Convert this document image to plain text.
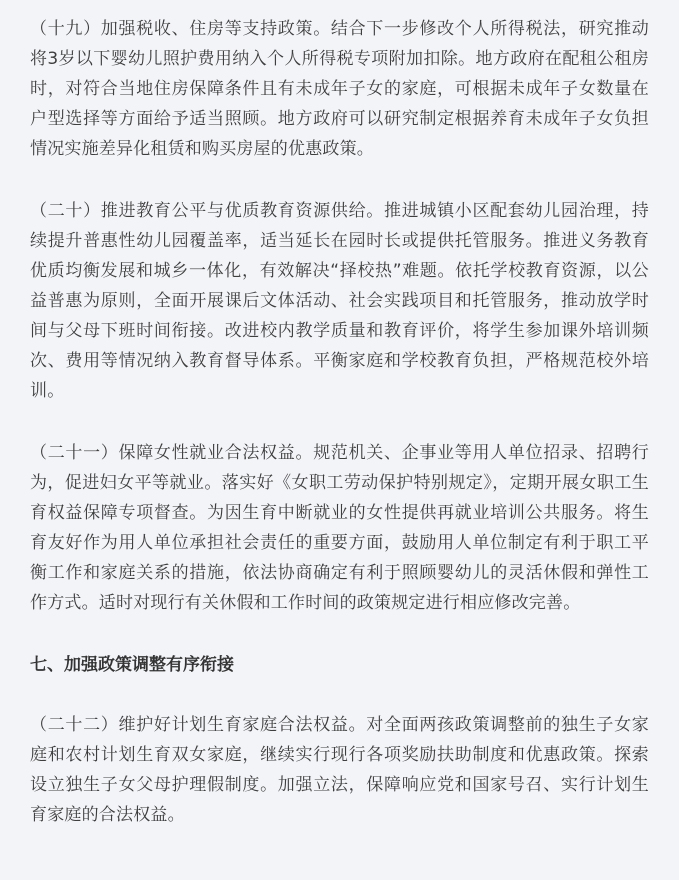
（十九）加强税收、住房等支持政策。结合下一步修改个人所得税法，研究推动将3岁以下婴幼儿照护费用纳入个人所得税专项附加扣除。地方政府在配租公租房时，对符合当地住房保障条件且有未成年子女的家庭，可根据未成年子女数量在户型选择等方面给予适当照顾。地方政府可以研究制定根据养育未成年子女负担情况实施差异化租赁和购买房屋的优惠政策。

（二十）推进教育公平与优质教育资源供给。推进城镇小区配套幼儿园治理，持续提升普惠性幼儿园覆盖率，适当延长在园时长或提供托管服务。推进义务教育优质均衡发展和城乡一体化，有效解决“择校热”难题。依托学校教育资源，以公益普惠为原则，全面开展课后文体活动、社会实践项目和托管服务，推动放学时间与父母下班时间衔接。改进校内教学质量和教育评价，将学生参加课外培训频次、费用等情况纳入教育督导体系。平衡家庭和学校教育负担，严格规范校外培训。

（二十一）保障女性就业合法权益。规范机关、企事业等用人单位招录、招聘行为，促进妇女平等就业。落实好《女职工劳动保护特别规定》，定期开展女职工生育权益保障专项督查。为因生育中断就业的女性提供再就业培训公共服务。将生育友好作为用人单位承担社会责任的重要方面，鼓励用人单位制定有利于职工平衡工作和家庭关系的措施，依法协商确定有利于照顾婴幼儿的灵活休假和弹性工作方式。适时对现行有关休假和工作时间的政策规定进行相应修改完善。

七、加强政策调整有序衔接

（二十二）维护好计划生育家庭合法权益。对全面两孩政策调整前的独生子女家庭和农村计划生育双女家庭，继续实行现行各项奖励扶助制度和优惠政策。探索设立独生子女父母护理假制度。加强立法，保障响应党和国家号召、实行计划生育家庭的合法权益。
